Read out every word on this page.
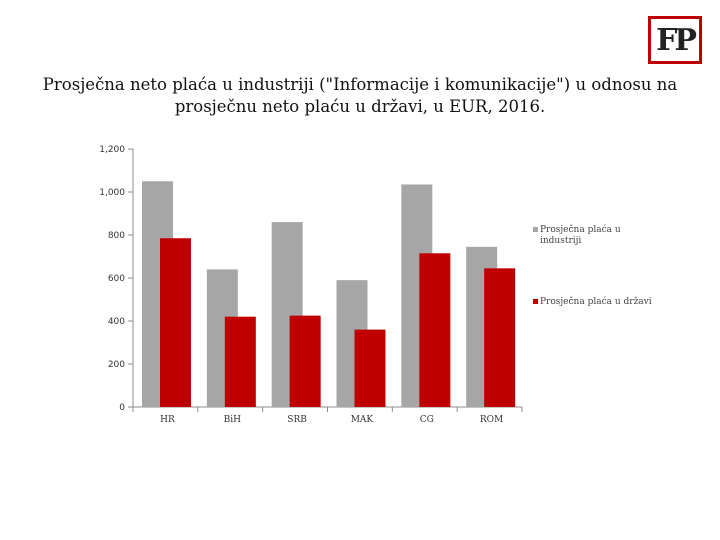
FP
Prosječna neto plaća u industriji ("Informacije i komunikacije") u odnosu na
prosječnu neto plaću u državi, u EUR, 2016.
0
200
400
600
800
1,000
1,200
HR	BiH	SRB	MAK	CG	ROM
Prosječna plaća u industriji
Prosječna plaća u državi
